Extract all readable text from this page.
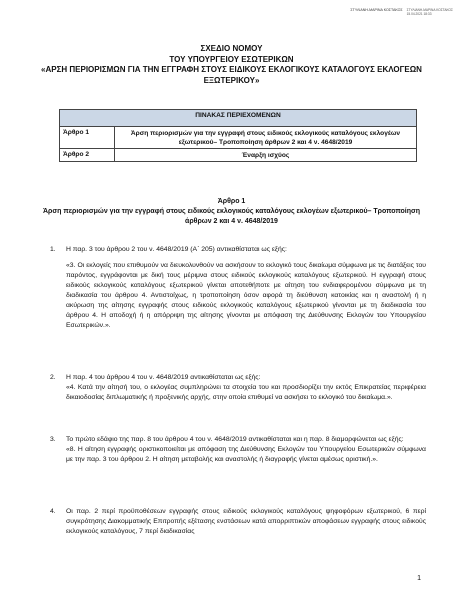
ΣΤΥΛΙΑΝΗ-ΜΑΡΙΝΑ ΚΟΣΤΑΚΟΣ ΣΤΥΛΙΑΝΗ-ΜΑΡΙΝΑ ΚΟΣΤΑΚΟΣ
15.04.2021 18:33
ΣΧΕΔΙΟ ΝΟΜΟΥ
ΤΟΥ ΥΠΟΥΡΓΕΙΟΥ ΕΣΩΤΕΡΙΚΩΝ
«ΑΡΣΗ ΠΕΡΙΟΡΙΣΜΩΝ ΓΙΑ ΤΗΝ ΕΓΓΡΑΦΗ ΣΤΟΥΣ ΕΙΔΙΚΟΥΣ ΕΚΛΟΓΙΚΟΥΣ ΚΑΤΑΛΟΓΟΥΣ ΕΚΛΟΓΕΩΝ ΕΞΩΤΕΡΙΚΟΥ»
ΠΙΝΑΚΑΣ ΠΕΡΙΕΧΟΜΕΝΩΝ	
Άρθρο 1	Άρση περιορισμών για την εγγραφή στους ειδικούς εκλογικούς καταλόγους εκλογέων εξωτερικού– Τροποποίηση άρθρων 2 και 4 ν. 4648/2019
Άρθρο 2	Έναρξη ισχύος
Άρθρο 1
Άρση περιορισμών για την εγγραφή στους ειδικούς εκλογικούς καταλόγους εκλογέων εξωτερικού– Τροποποίηση άρθρων 2 και 4 ν. 4648/2019
1. Η παρ. 3 του άρθρου 2 του ν. 4648/2019 (Α΄ 205) αντικαθίσταται ως εξής:
«3. Οι εκλογείς που επιθυμούν να διευκολυνθούν να ασκήσουν το εκλογικό τους δικαίωμα σύμφωνα με τις διατάξεις του παρόντος, εγγράφονται με δική τους μέριμνα στους ειδικούς εκλογικούς καταλόγους εξωτερικού. Η εγγραφή στους ειδικούς εκλογικούς καταλόγους εξωτερικού γίνεται αποτεθήποτε με αίτηση του ενδιαφερομένου σύμφωνα με τη διαδικασία του άρθρου 4. Αντιστοίχως, η τροποποίηση όσον αφορά τη διεύθυνση κατοικίας και η αναστολή ή η ακύρωση της αίτησης εγγραφής στους ειδικούς εκλογικούς καταλόγους εξωτερικού γίνονται με τη διαδικασία του άρθρου 4. Η αποδοχή ή η απόρριψη της αίτησης γίνονται με απόφαση της Διεύθυνσης Εκλογών του Υπουργείου Εσωτερικών.».
2. Η παρ. 4 του άρθρου 4 του ν. 4648/2019 αντικαθίσταται ως εξής:
«4. Κατά την αίτησή του, ο εκλογέας συμπληρώνει τα στοιχεία του και προσδιορίζει την εκτός Επικρατείας περιφέρεια δικαιοδοσίας διπλωματικής ή προξενικής αρχής, στην οποία επιθυμεί να ασκήσει το εκλογικό του δικαίωμα.».
3. Το πρώτο εδάφιο της παρ. 8 του άρθρου 4 του ν. 4648/2019 αντικαθίσταται και η παρ. 8 διαμορφώνεται ως εξής:
«8. Η αίτηση εγγραφής οριστικοποιείται με απόφαση της Διεύθυνσης Εκλογών του Υπουργείου Εσωτερικών σύμφωνα με την παρ. 3 του άρθρου 2. Η αίτηση μεταβολής και αναστολής ή διαγραφής γίνεται αμέσως οριστική.».
4. Οι παρ. 2 περί προϋποθέσεων εγγραφής στους ειδικούς εκλογικούς καταλόγους ψηφοφόρων εξωτερικού, 6 περί συγκρότησης Διακομματικής Επιτροπής εξέτασης ενστάσεων κατά απορριπτικών αποφάσεων εγγραφής στους ειδικούς εκλογικούς καταλόγους, 7 περί διαδικασίας
1
